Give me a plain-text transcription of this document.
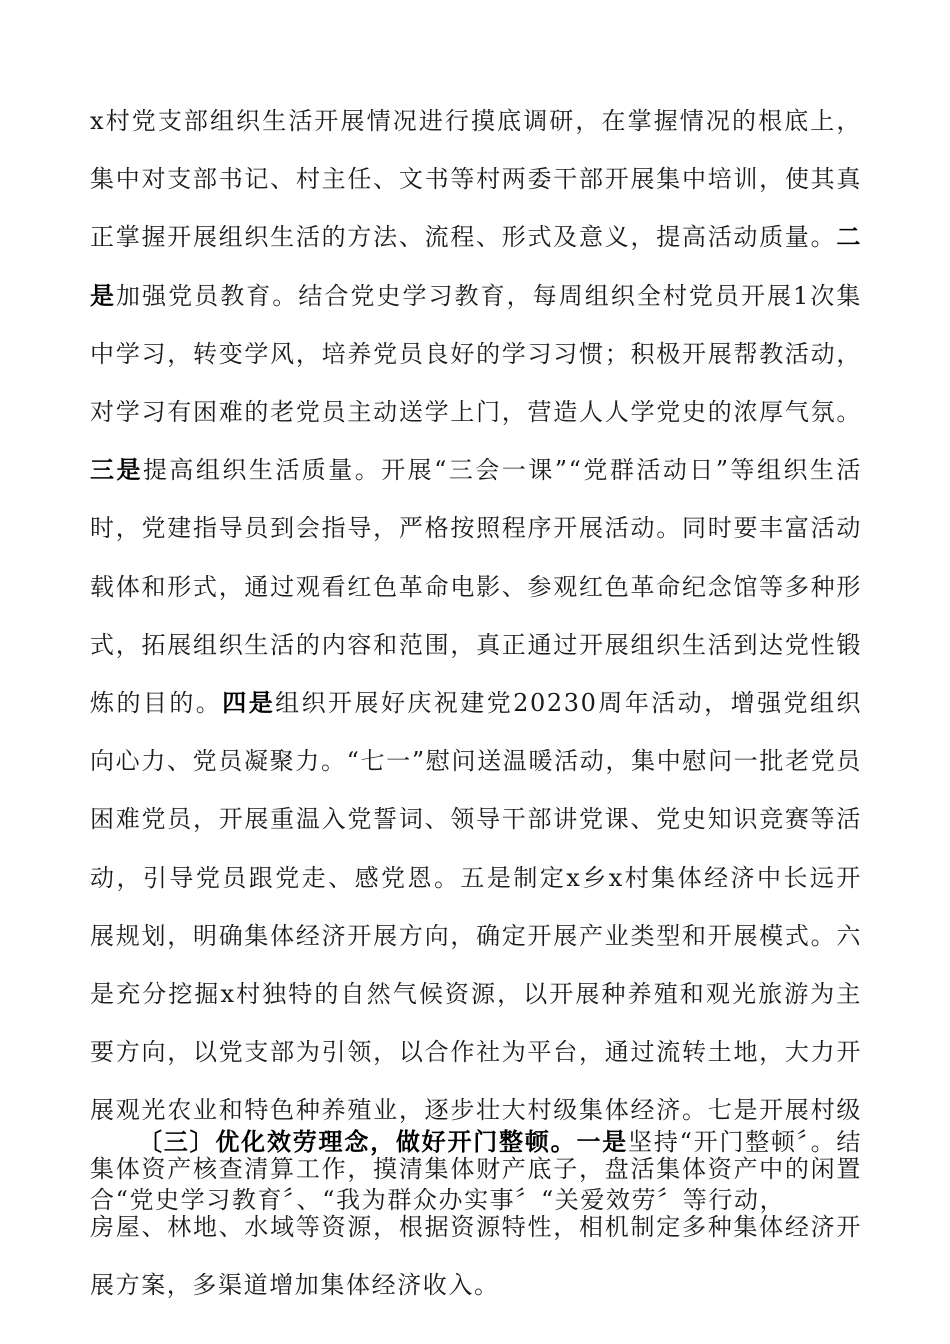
x村党支部组织生活开展情况进行摸底调研，在掌握情况的根底上，集中对支部书记、村主任、文书等村两委干部开展集中培训，使其真正掌握开展组织生活的方法、流程、形式及意义，提高活动质量。二是加强党员教育。结合党史学习教育，每周组织全村党员开展1次集中学习，转变学风，培养党员良好的学习习惯；积极开展帮教活动，对学习有困难的老党员主动送学上门，营造人人学党史的浓厚气氛。三是提高组织生活质量。开展“三会一课”“党群活动日”等组织生活时，党建指导员到会指导，严格按照程序开展活动。同时要丰富活动载体和形式，通过观看红色革命电影、参观红色革命纪念馆等多种形式，拓展组织生活的内容和范围，真正通过开展组织生活到达党性锻炼的目的。四是组织开展好庆祝建党20230周年活动，增强党组织向心力、党员凝聚力。“七一”慰问送温暖活动，集中慰问一批老党员困难党员，开展重温入党誓词、领导干部讲党课、党史知识竞赛等活动，引导党员跟党走、感党恩。五是制定x乡x村集体经济中长远开展规划，明确集体经济开展方向，确定开展产业类型和开展模式。六是充分挖掘x村独特的自然气候资源，以开展种养殖和观光旅游为主要方向，以党支部为引领，以合作社为平台，通过流转土地，大力开展观光农业和特色种养殖业，逐步壮大村级集体经济。七是开展村级集体资产核查清算工作，摸清集体财产底子，盘活集体资产中的闲置房屋、林地、水域等资源，根据资源特性，相机制定多种集体经济开展方案，多渠道增加集体经济收入。

〔三〕优化效劳理念，做好开门整顿。一是坚持“开门整顿〞。结合“党史学习教育〞、“我为群众办实事〞“关爱效劳〞等行动，
